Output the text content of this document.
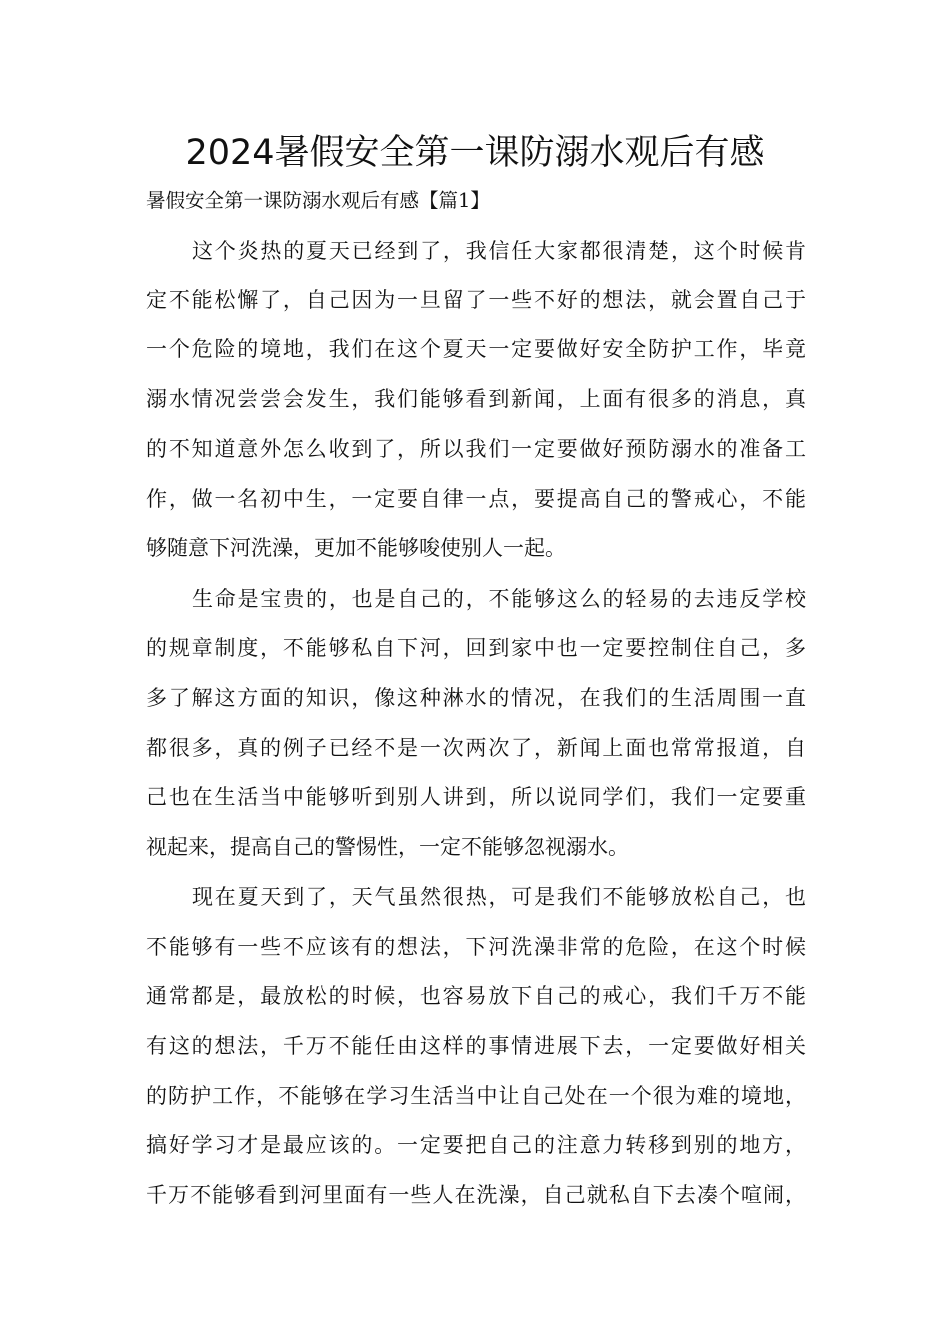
2024暑假安全第一课防溺水观后有感
暑假安全第一课防溺水观后有感【篇1】
这个炎热的夏天已经到了，我信任大家都很清楚，这个时候肯
定不能松懈了，自己因为一旦留了一些不好的想法，就会置自己于
一个危险的境地，我们在这个夏天一定要做好安全防护工作，毕竟
溺水情况尝尝会发生，我们能够看到新闻，上面有很多的消息，真
的不知道意外怎么收到了，所以我们一定要做好预防溺水的准备工
作，做一名初中生，一定要自律一点，要提高自己的警戒心，不能
够随意下河洗澡，更加不能够唆使别人一起。
生命是宝贵的，也是自己的，不能够这么的轻易的去违反学校
的规章制度，不能够私自下河，回到家中也一定要控制住自己，多
多了解这方面的知识，像这种淋水的情况，在我们的生活周围一直
都很多，真的例子已经不是一次两次了，新闻上面也常常报道，自
己也在生活当中能够听到别人讲到，所以说同学们，我们一定要重
视起来，提高自己的警惕性，一定不能够忽视溺水。
现在夏天到了，天气虽然很热，可是我们不能够放松自己，也
不能够有一些不应该有的想法，下河洗澡非常的危险，在这个时候
通常都是，最放松的时候，也容易放下自己的戒心，我们千万不能
有这的想法，千万不能任由这样的事情进展下去，一定要做好相关
的防护工作，不能够在学习生活当中让自己处在一个很为难的境地，
搞好学习才是最应该的。一定要把自己的注意力转移到别的地方，
千万不能够看到河里面有一些人在洗澡，自己就私自下去凑个喧闹，
